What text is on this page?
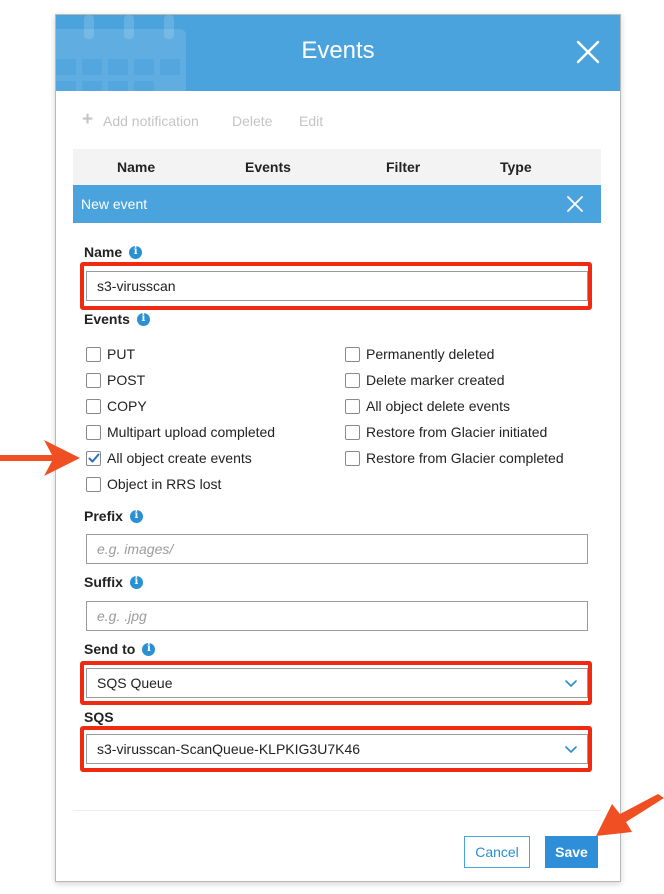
Events
+ Add notification Delete Edit
Name	Events	Filter	Type
New event
Name	i
s3-virusscan
Events	i
PUT
POST
COPY
Multipart upload completed
All object create events
Object in RRS lost
Permanently deleted
Delete marker created
All object delete events
Restore from Glacier initiated
Restore from Glacier completed
Prefix	i
e.g. images/
Suffix	i
e.g. .jpg
Send to	i
SQS Queue
SQS
s3-virusscan-ScanQueue-KLPKIG3U7K46
Cancel	Save
